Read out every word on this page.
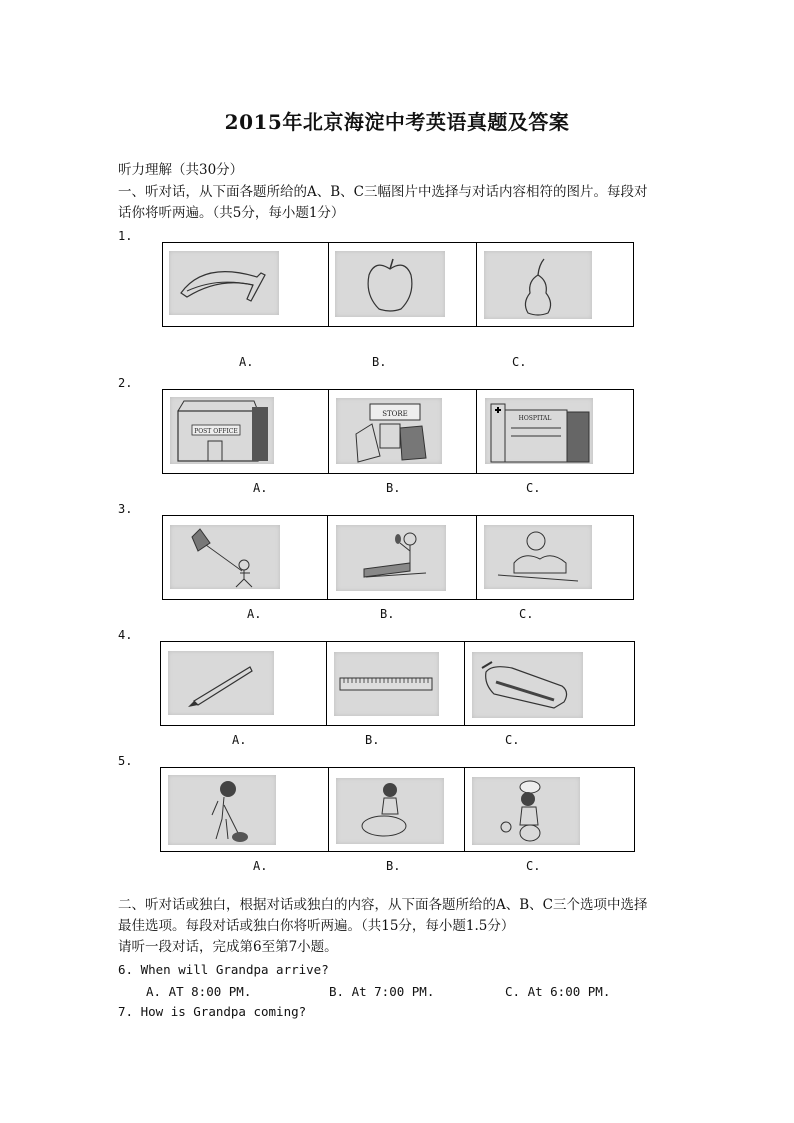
2015年北京海淀中考英语真题及答案
听力理解（共30分）
一、听对话，从下面各题所给的A、B、C三幅图片中选择与对话内容相符的图片。每段对
话你将听两遍。（共5分，每小题1分）
1.
A.	B.	C.
2.
POST OFFICE
STORE
HOSPITAL
A.	B.	C.
3.
A.	B.	C.
4.
A.	B.	C.
5.
A.	B.	C.
二、听对话或独白，根据对话或独白的内容，从下面各题所给的A、B、C三个选项中选择
最佳选项。每段对话或独白你将听两遍。（共15分，每小题1.5分）
请听一段对话，完成第6至第7小题。
6. When will Grandpa arrive?
A. AT 8:00 PM.	B. At 7:00 PM.	C. At 6:00 PM.
7. How is Grandpa coming?
